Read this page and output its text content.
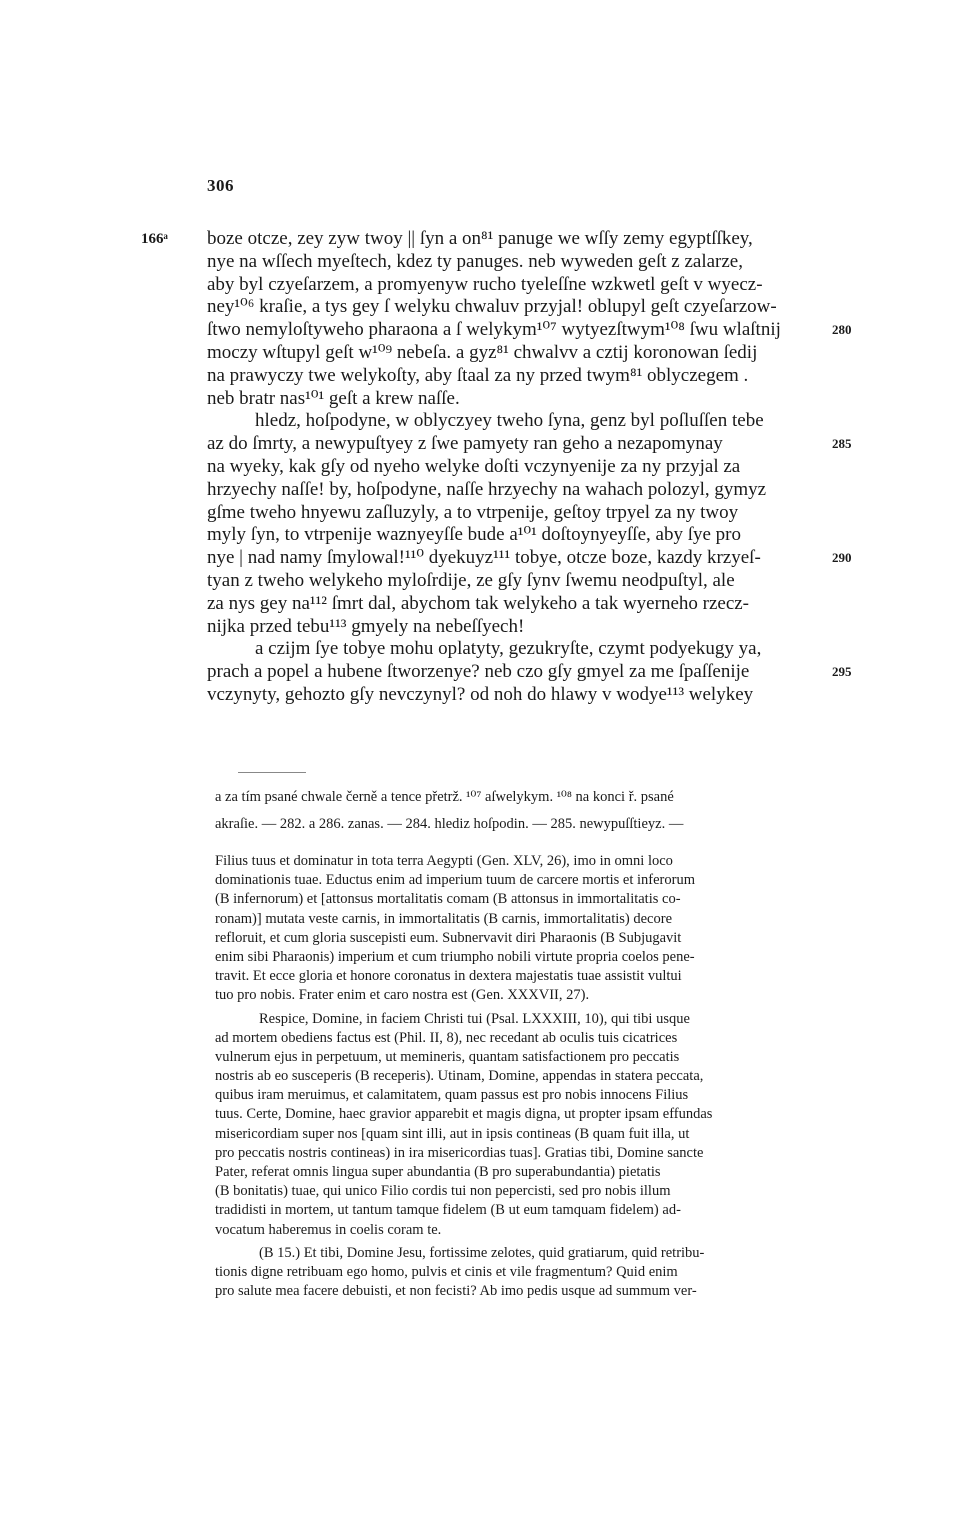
306
boze otcze, zey zyw twoy || ſyn a on⁸¹ panuge we wſſy zemy egyptſſkey,
166ᵃ
nye na wſſech myeſtech, kdez ty panuges. neb wyweden geſt z zalarze,
aby byl czyeſarzem, a promyenyw rucho tyeleſſne wzkwetl geſt v wyecz-
ney¹⁰⁶ kraſie, a tys gey ſ welyku chwaluv przyjal! oblupyl geſt czyeſarzow-
ſtwo nemyloſtyweho pharaona a ſ welykym¹⁰⁷ wytyezſtwym¹⁰⁸ ſwu wlaſtnij	280
moczy wſtupyl geſt w¹⁰⁹ nebeſa. a gyz⁸¹ chwalvv a cztij koronowan ſedij
na prawyczy twe welykoſty, aby ſtaal za ny przed twym⁸¹ oblyczegem .
neb bratr nas¹⁰¹ geſt a krew naſſe.
hledz, hoſpodyne, w oblyczyey tweho ſyna, genz byl poſluſſen tebe
az do ſmrty, a newypuſtyey z ſwe pamyety ran geho a nezapomynay	285
na wyeky, kak gſy od nyeho welyke doſti vczynyenije za ny przyjal za
hrzyechy naſſe! by, hoſpodyne, naſſe hrzyechy na wahach polozyl, gymyz
gſme tweho hnyewu zaſluzyly, a to vtrpenije, geſtoy trpyel za ny twoy
myly ſyn, to vtrpenije waznyeyſſe bude a¹⁰¹ doſtoynyeyſſe, aby ſye pro
nye | nad namy ſmylowal!¹¹⁰ dyekuyz¹¹¹ tobye, otcze boze, kazdy krzyeſ-	290
tyan z tweho welykeho myloſrdije, ze gſy ſynv ſwemu neodpuſtyl, ale
za nys gey na¹¹² ſmrt dal, abychom tak welykeho a tak wyerneho rzecz-
nijka przed tebu¹¹³ gmyely na nebeſſyech!
a czijm ſye tobye mohu oplatyty, gezukryſte, czymt podyekugy ya,
prach a popel a hubene ſtworzenye? neb czo gſy gmyel za me ſpaſſenije	295
vczynyty, gehozto gſy nevczynyl? od noh do hlawy v wodye¹¹³ welykey
a za tím psané chwale černě a tence přetrž. ¹⁰⁷ aſwelykym. ¹⁰⁸ na konci ř. psané
akraſie. — 282. a 286. zanas. — 284. hlediz hoſpodin. — 285. newypuſſtieyz. —
Filius tuus et dominatur in tota terra Aegypti (Gen. XLV, 26), imo in omni loco
dominationis tuae. Eductus enim ad imperium tuum de carcere mortis et inferorum
(B infernorum) et [attonsus mortalitatis comam (B attonsus in immortalitatis co-
ronam)] mutata veste carnis, in immortalitatis (B carnis, immortalitatis) decore
refloruit, et cum gloria suscepisti eum. Subnervavit diri Pharaonis (B Subjugavit
enim sibi Pharaonis) imperium et cum triumpho nobili virtute propria coelos pene-
travit. Et ecce gloria et honore coronatus in dextera majestatis tuae assistit vultui
tuo pro nobis. Frater enim et caro nostra est (Gen. XXXVII, 27).
Respice, Domine, in faciem Christi tui (Psal. LXXXIII, 10), qui tibi usque
ad mortem obediens factus est (Phil. II, 8), nec recedant ab oculis tuis cicatrices
vulnerum ejus in perpetuum, ut memineris, quantam satisfactionem pro peccatis
nostris ab eo susceperis (B receperis). Utinam, Domine, appendas in statera peccata,
quibus iram meruimus, et calamitatem, quam passus est pro nobis innocens Filius
tuus. Certe, Domine, haec gravior apparebit et magis digna, ut propter ipsam effundas
misericordiam super nos [quam sint illi, aut in ipsis contineas (B quam fuit illa, ut
pro peccatis nostris contineas) in ira misericordias tuas]. Gratias tibi, Domine sancte
Pater, referat omnis lingua super abundantia (B pro superabundantia) pietatis
(B bonitatis) tuae, qui unico Filio cordis tui non pepercisti, sed pro nobis illum
tradidisti in mortem, ut tantum tamque fidelem (B ut eum tamquam fidelem) ad-
vocatum haberemus in coelis coram te.
(B 15.) Et tibi, Domine Jesu, fortissime zelotes, quid gratiarum, quid retribu-
tionis digne retribuam ego homo, pulvis et cinis et vile fragmentum? Quid enim
pro salute mea facere debuisti, et non fecisti? Ab imo pedis usque ad summum ver-
